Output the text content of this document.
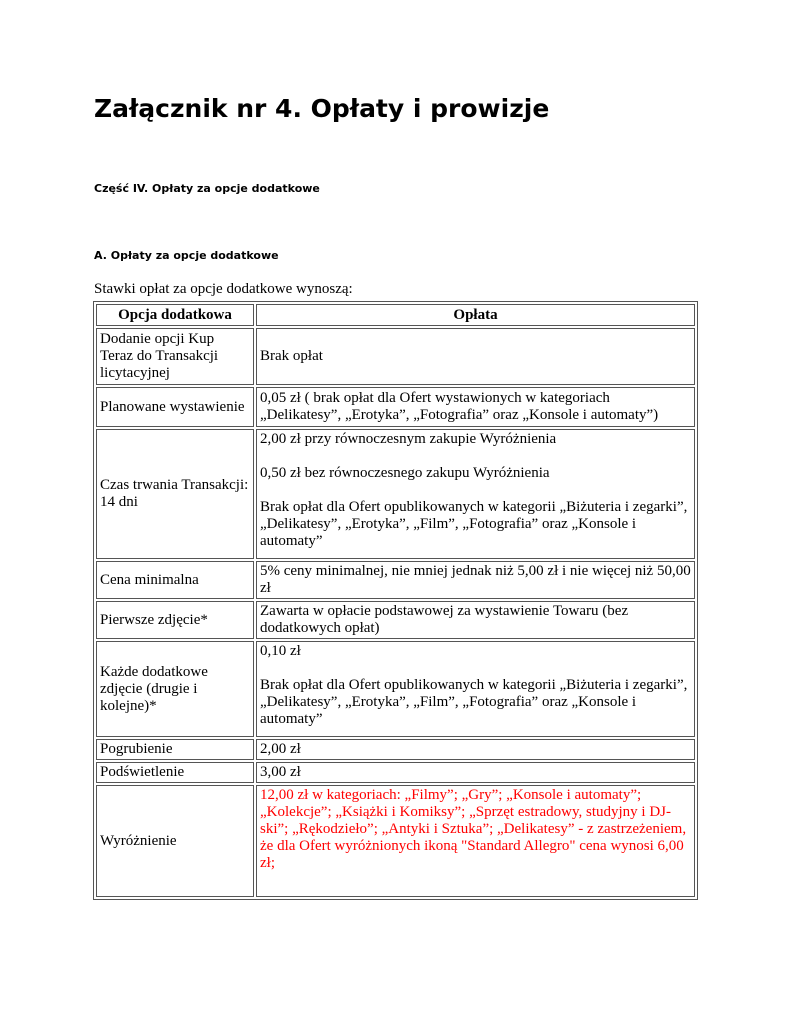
Załącznik nr 4. Opłaty i prowizje
Część IV. Opłaty za opcje dodatkowe
A. Opłaty za opcje dodatkowe

Stawki opłat za opcje dodatkowe wynoszą:

Opcja dodatkowa	Opłata
Dodanie opcji Kup Teraz do Transakcji licytacyjnej	Brak opłat

Planowane wystawienie	0,05 zł ( brak opłat dla Ofert wystawionych w kategoriach „Delikatesy”, „Erotyka”, „Fotografia” oraz „Konsole i automaty”)

Czas trwania Transakcji: 14 dni	2,00 zł przy równoczesnym zakupie Wyróżnienia

0,50 zł bez równoczesnego zakupu Wyróżnienia

Brak opłat dla Ofert opublikowanych w kategorii „Biżuteria i zegarki”, „Delikatesy”, „Erotyka”, „Film”, „Fotografia” oraz „Konsole i automaty”

Cena minimalna	5% ceny minimalnej, nie mniej jednak niż 5,00 zł i nie więcej niż 50,00 zł

Pierwsze zdjęcie*	Zawarta w opłacie podstawowej za wystawienie Towaru (bez dodatkowych opłat)

Każde dodatkowe zdjęcie (drugie i kolejne)*	0,10 zł

Brak opłat dla Ofert opublikowanych w kategorii „Biżuteria i zegarki”, „Delikatesy”, „Erotyka”, „Film”, „Fotografia” oraz „Konsole i automaty”

Pogrubienie	2,00 zł

Podświetlenie	3,00 zł

Wyróżnienie	12,00 zł w kategoriach: „Filmy”; „Gry”; „Konsole i automaty”; „Kolekcje”; „Książki i Komiksy”; „Sprzęt estradowy, studyjny i DJ-ski”; „Rękodzieło”; „Antyki i Sztuka”; „Delikatesy” - z zastrzeżeniem, że dla Ofert wyróżnionych ikoną "Standard Allegro" cena wynosi 6,00 zł;
